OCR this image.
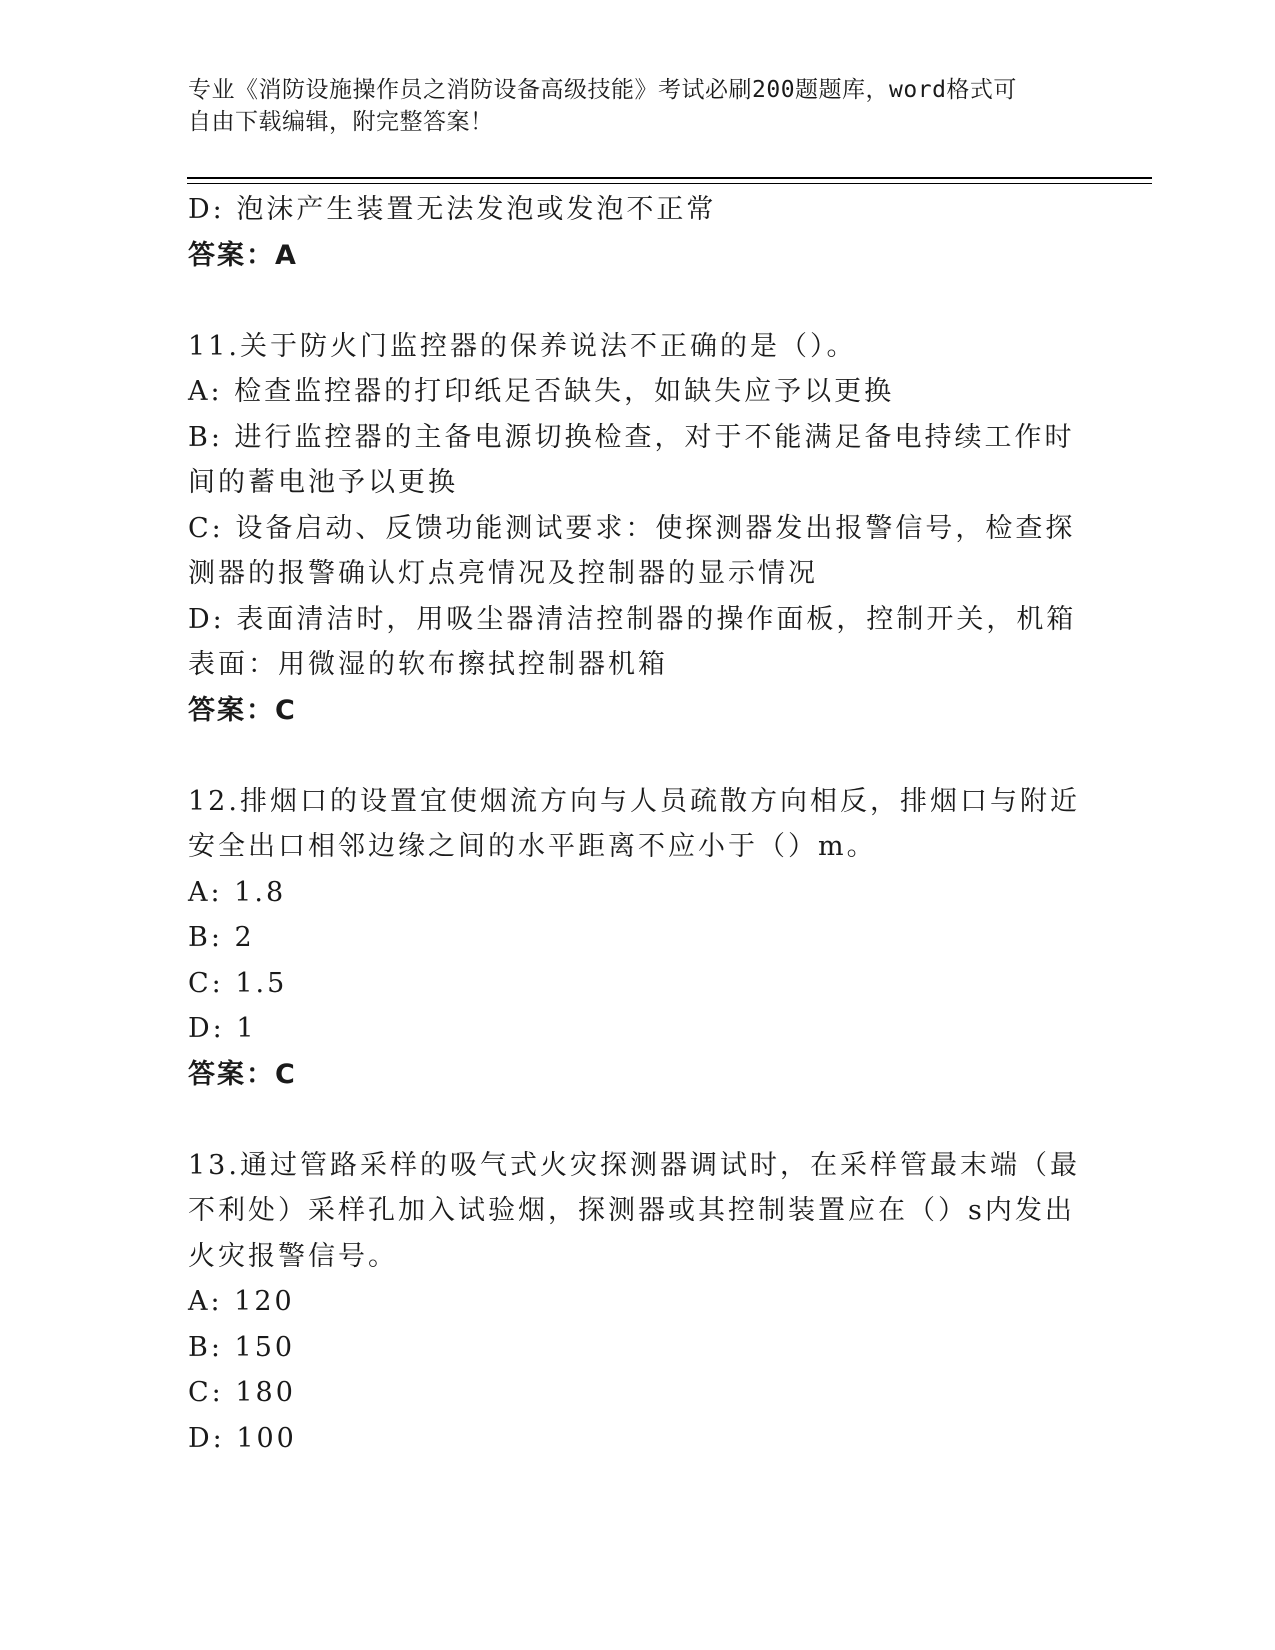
专业《消防设施操作员之消防设备高级技能》考试必刷200题题库，word格式可
自由下载编辑，附完整答案！
D: 泡沫产生装置无法发泡或发泡不正常
答案：A
11.关于防火门监控器的保养说法不正确的是（）。
A: 检查监控器的打印纸足否缺失，如缺失应予以更换
B: 进行监控器的主备电源切换检查，对于不能满足备电持续工作时间的蓄电池予以更换
C: 设备启动、反馈功能测试要求：使探测器发出报警信号，检查探测器的报警确认灯点亮情况及控制器的显示情况
D: 表面清洁时，用吸尘器清洁控制器的操作面板，控制开关，机箱表面：用微湿的软布擦拭控制器机箱
答案：C
12.排烟口的设置宜使烟流方向与人员疏散方向相反，排烟口与附近安全出口相邻边缘之间的水平距离不应小于（）m。
A: 1.8
B: 2
C: 1.5
D: 1
答案：C
13.通过管路采样的吸气式火灾探测器调试时，在采样管最末端（最不利处）采样孔加入试验烟，探测器或其控制装置应在（）s内发出火灾报警信号。
A: 120
B: 150
C: 180
D: 100
